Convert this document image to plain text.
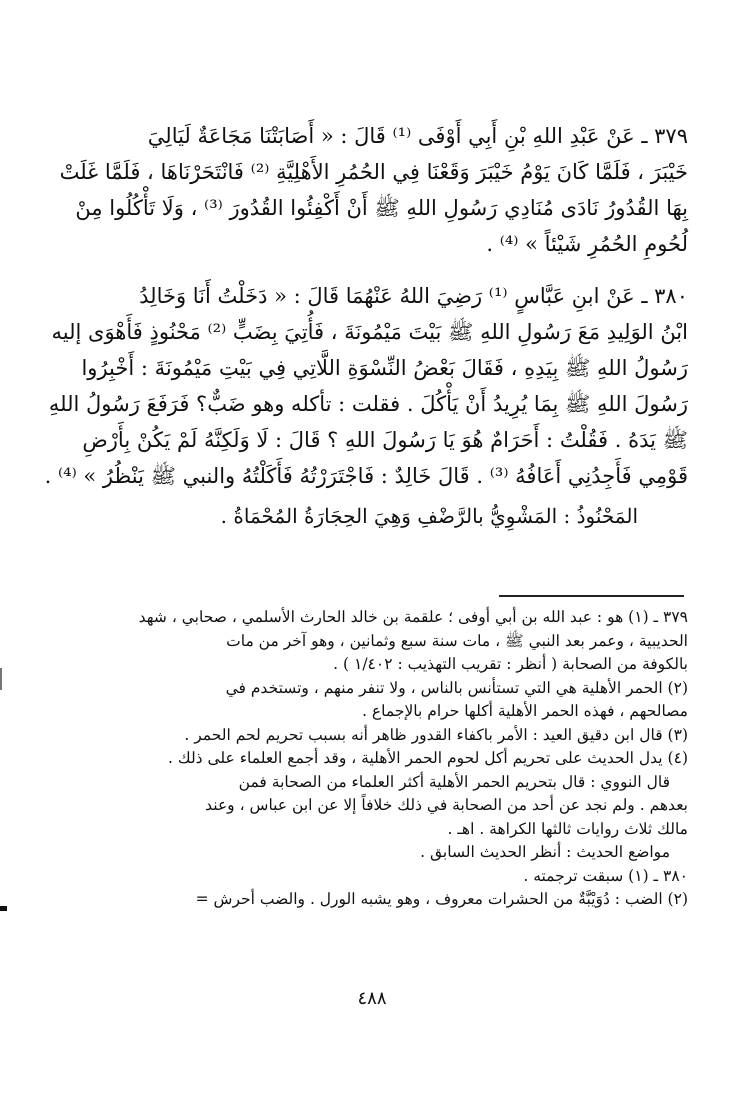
٣٧٩ ـ عَنْ عَبْدِ اللهِ بْنِ أَبِي أَوْفَى ⁽¹⁾ قَالَ : « أَصَابَتْنَا مَجَاعَةٌ لَيَالِيَ

خَيْبَرَ ، فَلَمَّا كَانَ يَوْمُ خَيْبَرَ وَقَعْنَا فِي الحُمُرِ الأَهْلِيَّةِ ⁽²⁾ فَانْتَحَرْنَاهَا ، فَلَمَّا غَلَتْ

بِهَا القُدُورُ نَادَى مُنَادِي رَسُولِ اللهِ ﷺ أَنْ أَكْفِئُوا القُدُورَ ⁽³⁾ ، وَلَا تَأْكُلُوا مِنْ

لُحُومِ الحُمُرِ شَيْئاً » ⁽⁴⁾ .

٣٨٠ ـ عَنْ ابنِ عَبَّاسٍ ⁽¹⁾ رَضِيَ اللهُ عَنْهُمَا قَالَ : « دَخَلْتُ أَنَا وَخَالِدُ

ابْنُ الوَلِيدِ مَعَ رَسُولِ اللهِ ﷺ بَيْتَ مَيْمُونَةَ ، فَأُتِيَ بِضَبٍّ ⁽²⁾ مَحْنُوذٍ فَأَهْوَى إليه

رَسُولُ اللهِ ﷺ بِيَدِهِ ، فَقَالَ بَعْضُ النِّسْوَةِ اللَّاتِي فِي بَيْتِ مَيْمُونَةَ : أَخْبِرُوا

رَسُولَ اللهِ ﷺ بِمَا يُرِيدُ أَنْ يَأْكُلَ . فقلت : تأكله وهو ضَبٌّ؟ فَرَفَعَ رَسُولُ اللهِ

ﷺ يَدَهُ . فَقُلْتُ : أَحَرَامٌ هُوَ يَا رَسُولَ اللهِ ؟ قَالَ : لَا وَلَكِنَّهُ لَمْ يَكُنْ بِأَرْضِ

قَوْمِي فَأَجِدُنِي أَعَافُهُ ⁽³⁾ . قَالَ خَالِدٌ : فَاجْتَرَرْتُهُ فَأَكَلْتُهُ والنبي ﷺ يَنْظُرُ » ⁽⁴⁾ .

المَحْنُوذُ : المَشْوِيُّ بالرَّضْفِ وَهِيَ الحِجَارَةُ المُحْمَاةُ .

٣٧٩ ـ (١) هو : عبد الله بن أبي أوفى ؛ علقمة بن خالد الحارث الأسلمي ، صحابي ، شهد

الحديبية ، وعمر بعد النبي ﷺ ، مات سنة سبع وثمانين ، وهو آخر من مات

بالكوفة من الصحابة ( أنظر : تقريب التهذيب : ١/٤٠٢ ) .

(٢) الحمر الأهلية هي التي تستأنس بالناس ، ولا تنفر منهم ، وتستخدم في

مصالحهم ، فهذه الحمر الأهلية أكلها حرام بالإجماع .

(٣) قال ابن دقيق العيد : الأمر باكفاء القدور ظاهر أنه بسبب تحريم لحم الحمر .

(٤) يدل الحديث على تحريم أكل لحوم الحمر الأهلية ، وقد أجمع العلماء على ذلك .

قال النووي : قال بتحريم الحمر الأهلية أكثر العلماء من الصحابة فمن

بعدهم . ولم نجد عن أحد من الصحابة في ذلك خلافاً إلا عن ابن عباس ، وعند

مالك ثلاث روايات ثالثها الكراهة . اهـ .

مواضع الحديث : أنظر الحديث السابق .

٣٨٠ ـ (١) سبقت ترجمته .

(٢) الضب : دُوَيْبَّةٌ من الحشرات معروف ، وهو يشبه الورل . والضب أحرش =

٤٨٨
